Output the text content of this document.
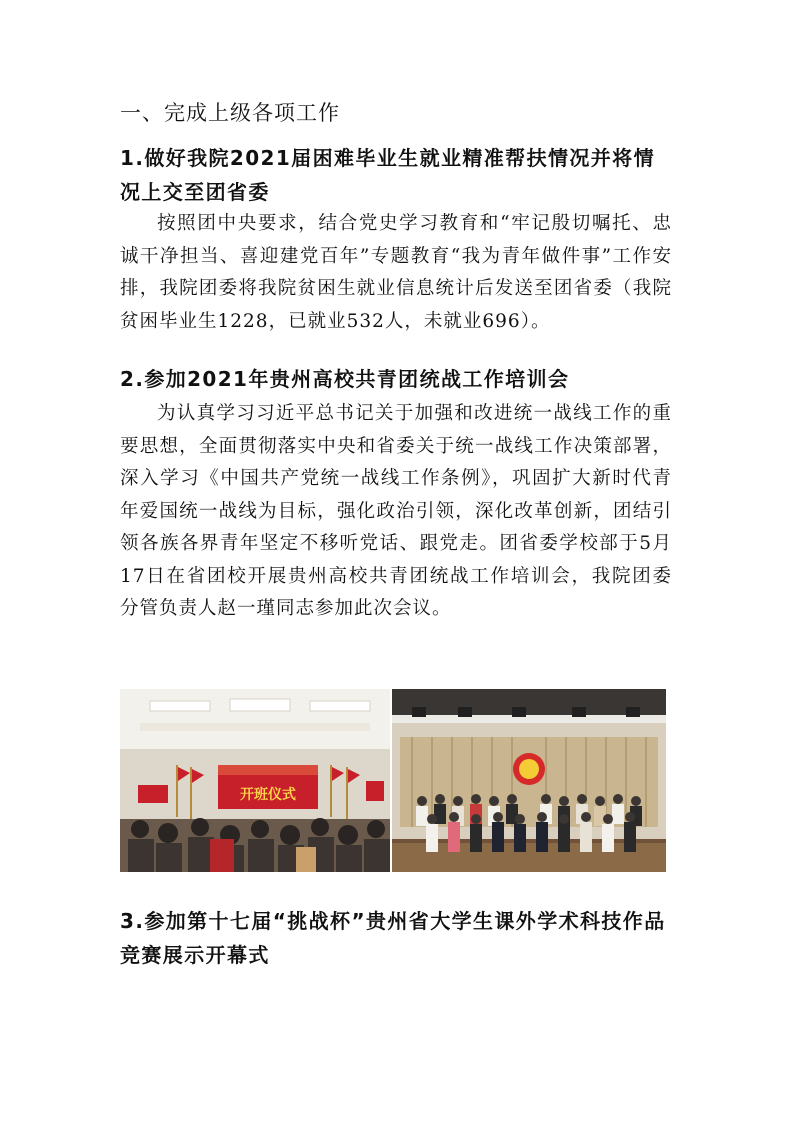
一、完成上级各项工作
1.做好我院2021届困难毕业生就业精准帮扶情况并将情况上交至团省委
按照团中央要求，结合党史学习教育和“牢记殷切嘱托、忠诚干净担当、喜迎建党百年”专题教育“我为青年做件事”工作安排，我院团委将我院贫困生就业信息统计后发送至团省委（我院贫困毕业生1228，已就业532人，未就业696）。
2.参加2021年贵州高校共青团统战工作培训会
为认真学习习近平总书记关于加强和改进统一战线工作的重要思想，全面贯彻落实中央和省委关于统一战线工作决策部署，深入学习《中国共产党统一战线工作条例》，巩固扩大新时代青年爱国统一战线为目标，强化政治引领，深化改革创新，团结引领各族各界青年坚定不移听党话、跟党走。团省委学校部于5月17日在省团校开展贵州高校共青团统战工作培训会，我院团委分管负责人赵一瑾同志参加此次会议。
开班仪式
3.参加第十七届“挑战杯”贵州省大学生课外学术科技作品竞赛展示开幕式
